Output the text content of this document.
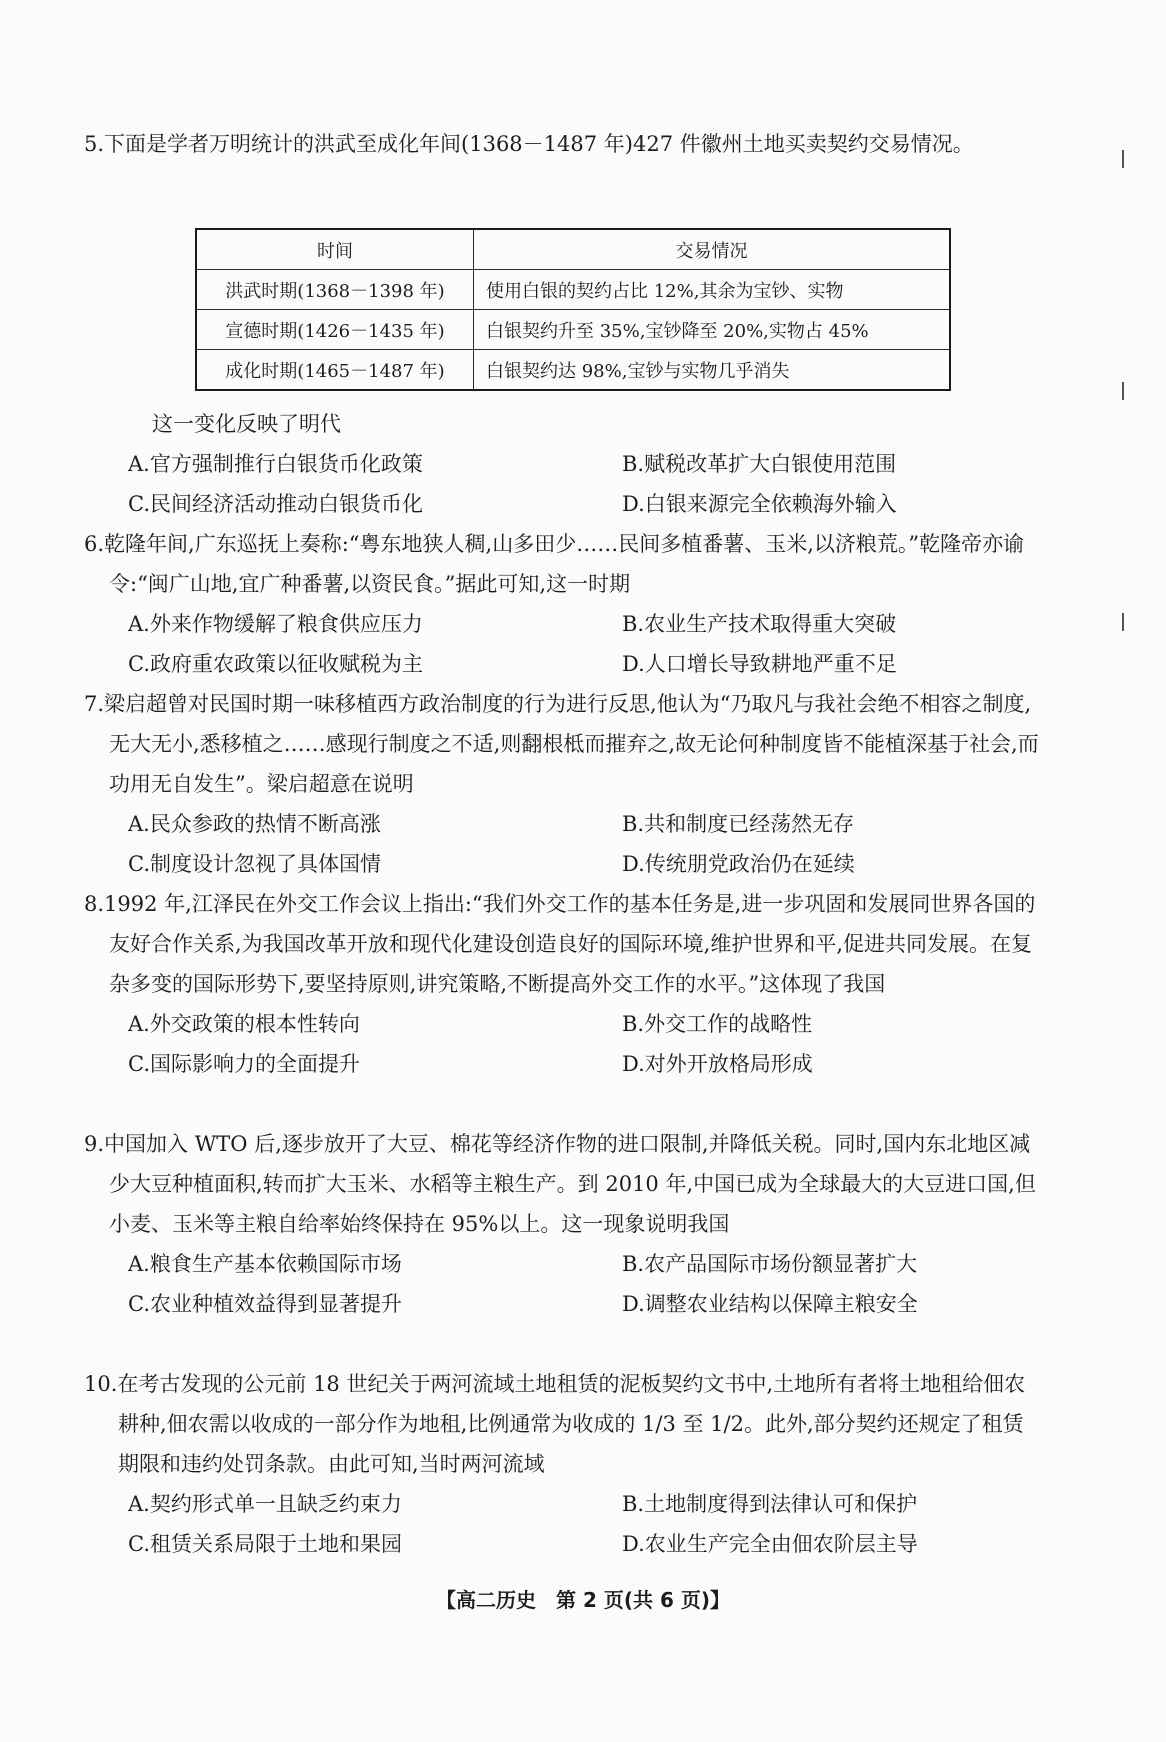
5.下面是学者万明统计的洪武至成化年间(1368－1487 年)427 件徽州土地买卖契约交易情况。
时间	交易情况
洪武时期(1368－1398 年)	使用白银的契约占比 12%,其余为宝钞、实物
宣德时期(1426－1435 年)	白银契约升至 35%,宝钞降至 20%,实物占 45%
成化时期(1465－1487 年)	白银契约达 98%,宝钞与实物几乎消失
这一变化反映了明代
A.官方强制推行白银货币化政策	B.赋税改革扩大白银使用范围
C.民间经济活动推动白银货币化	D.白银来源完全依赖海外输入
6.乾隆年间,广东巡抚上奏称:“粤东地狭人稠,山多田少……民间多植番薯、玉米,以济粮荒。”乾隆帝亦谕令:“闽广山地,宜广种番薯,以资民食。”据此可知,这一时期
A.外来作物缓解了粮食供应压力	B.农业生产技术取得重大突破
C.政府重农政策以征收赋税为主	D.人口增长导致耕地严重不足
7.梁启超曾对民国时期一味移植西方政治制度的行为进行反思,他认为“乃取凡与我社会绝不相容之制度,无大无小,悉移植之……感现行制度之不适,则翻根柢而摧弃之,故无论何种制度皆不能植深基于社会,而功用无自发生”。梁启超意在说明
A.民众参政的热情不断高涨	B.共和制度已经荡然无存
C.制度设计忽视了具体国情	D.传统朋党政治仍在延续
8.1992 年,江泽民在外交工作会议上指出:“我们外交工作的基本任务是,进一步巩固和发展同世界各国的友好合作关系,为我国改革开放和现代化建设创造良好的国际环境,维护世界和平,促进共同发展。在复杂多变的国际形势下,要坚持原则,讲究策略,不断提高外交工作的水平。”这体现了我国
A.外交政策的根本性转向	B.外交工作的战略性
C.国际影响力的全面提升	D.对外开放格局形成
9.中国加入 WTO 后,逐步放开了大豆、棉花等经济作物的进口限制,并降低关税。同时,国内东北地区减少大豆种植面积,转而扩大玉米、水稻等主粮生产。到 2010 年,中国已成为全球最大的大豆进口国,但小麦、玉米等主粮自给率始终保持在 95%以上。这一现象说明我国
A.粮食生产基本依赖国际市场	B.农产品国际市场份额显著扩大
C.农业种植效益得到显著提升	D.调整农业结构以保障主粮安全
10.在考古发现的公元前 18 世纪关于两河流域土地租赁的泥板契约文书中,土地所有者将土地租给佃农耕种,佃农需以收成的一部分作为地租,比例通常为收成的 1/3 至 1/2。此外,部分契约还规定了租赁期限和违约处罚条款。由此可知,当时两河流域
A.契约形式单一且缺乏约束力	B.土地制度得到法律认可和保护
C.租赁关系局限于土地和果园	D.农业生产完全由佃农阶层主导
【高二历史　第 2 页(共 6 页)】
